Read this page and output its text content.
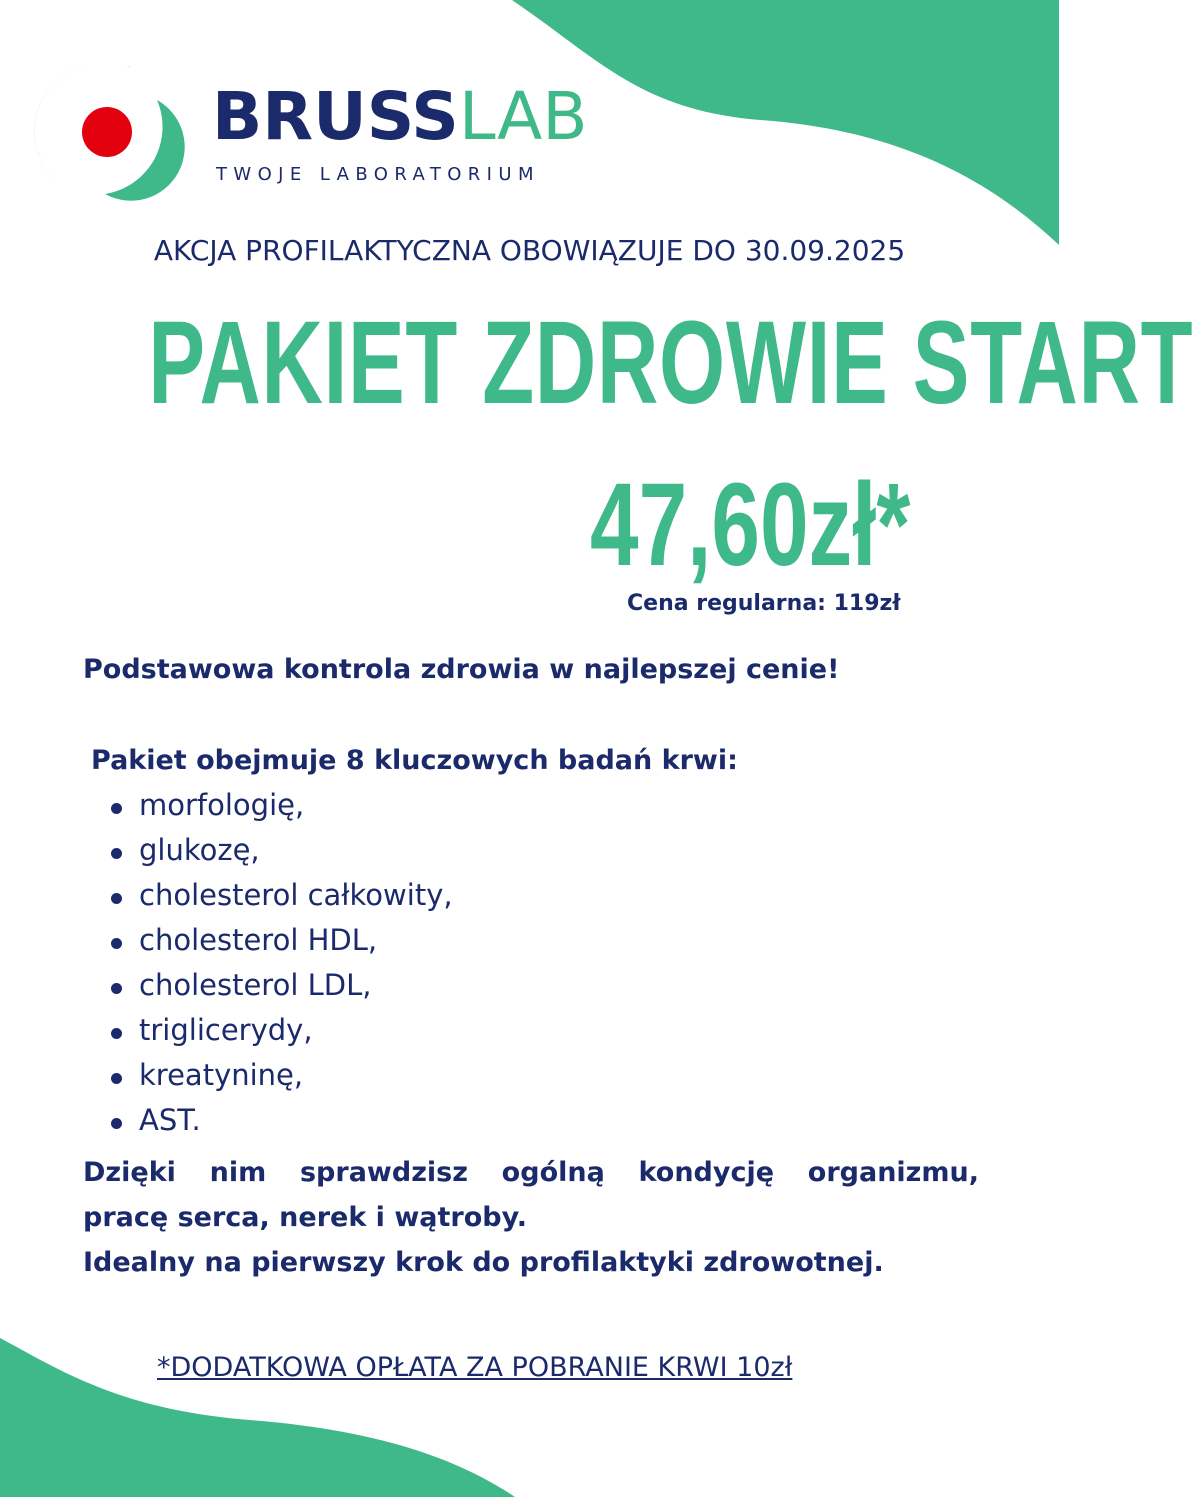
BRUSSLAB
TWOJE LABORATORIUM
AKCJA PROFILAKTYCZNA OBOWIĄZUJE DO 30.09.2025
PAKIET ZDROWIE START
47,60zł*
Cena regularna: 119zł
Podstawowa kontrola zdrowia w najlepszej cenie!
Pakiet obejmuje 8 kluczowych badań krwi:
morfologię,
glukozę,
cholesterol całkowity,
cholesterol HDL,
cholesterol LDL,
triglicerydy,
kreatyninę,
AST.
Dzięki nim sprawdzisz ogólną kondycję organizmu,
pracę serca, nerek i wątroby.
Idealny na pierwszy krok do profilaktyki zdrowotnej.
*DODATKOWA OPŁATA ZA POBRANIE KRWI 10zł
